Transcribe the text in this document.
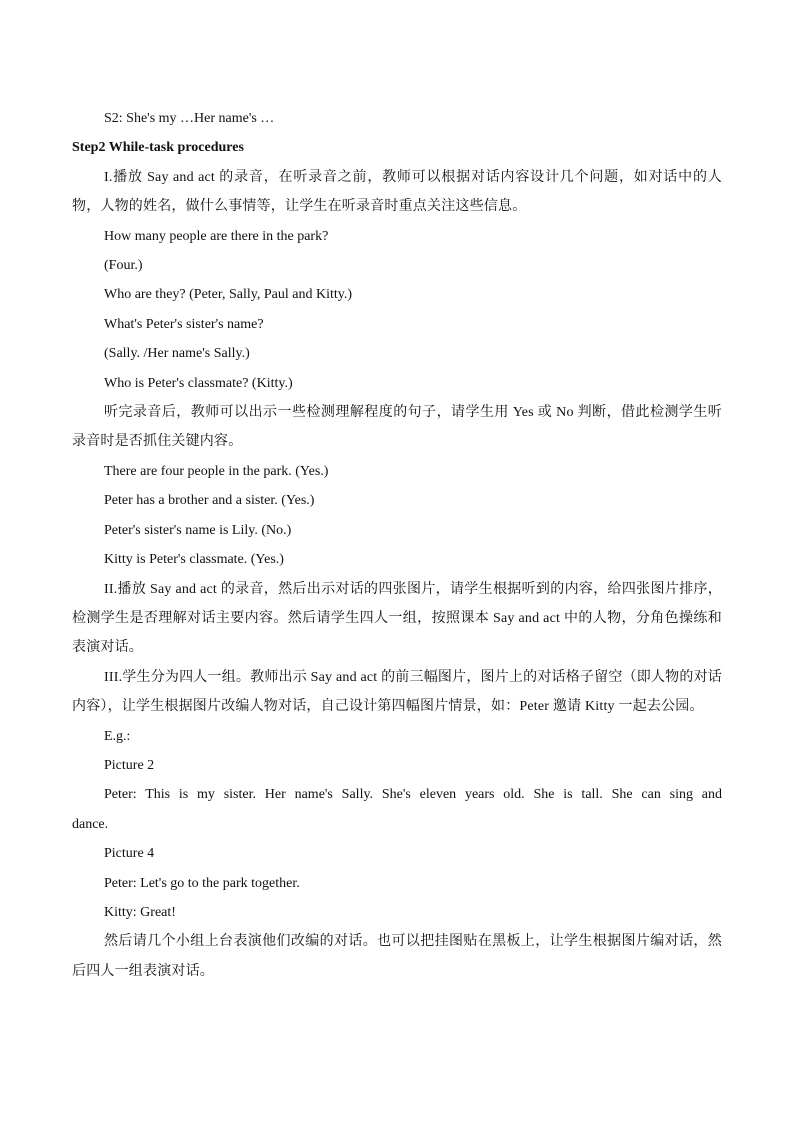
S2: She's my …Her name's …
Step2 While-task procedures
I.播放 Say and act 的录音，在听录音之前，教师可以根据对话内容设计几个问题，如对话中的人物，人物的姓名，做什么事情等，让学生在听录音时重点关注这些信息。
How many people are there in the park?
(Four.)
Who are they? (Peter, Sally, Paul and Kitty.)
What's Peter's sister's name?
(Sally. /Her name's Sally.)
Who is Peter's classmate? (Kitty.)
听完录音后，教师可以出示一些检测理解程度的句子，请学生用 Yes 或 No 判断，借此检测学生听录音时是否抓住关键内容。
There are four people in the park. (Yes.)
Peter has a brother and a sister. (Yes.)
Peter's sister's name is Lily. (No.)
Kitty is Peter's classmate. (Yes.)
II.播放 Say and act 的录音，然后出示对话的四张图片，请学生根据听到的内容，给四张图片排序，检测学生是否理解对话主要内容。然后请学生四人一组，按照课本 Say and act 中的人物，分角色操练和表演对话。
III.学生分为四人一组。教师出示 Say and act 的前三幅图片，图片上的对话格子留空（即人物的对话内容），让学生根据图片改编人物对话，自己设计第四幅图片情景，如：Peter 邀请 Kitty 一起去公园。
E.g.:
Picture 2
Peter: This is my sister. Her name's Sally. She's eleven years old. She is tall. She can sing and dance.
Picture 4
Peter: Let's go to the park together.
Kitty: Great!
然后请几个小组上台表演他们改编的对话。也可以把挂图贴在黑板上，让学生根据图片编对话，然后四人一组表演对话。
